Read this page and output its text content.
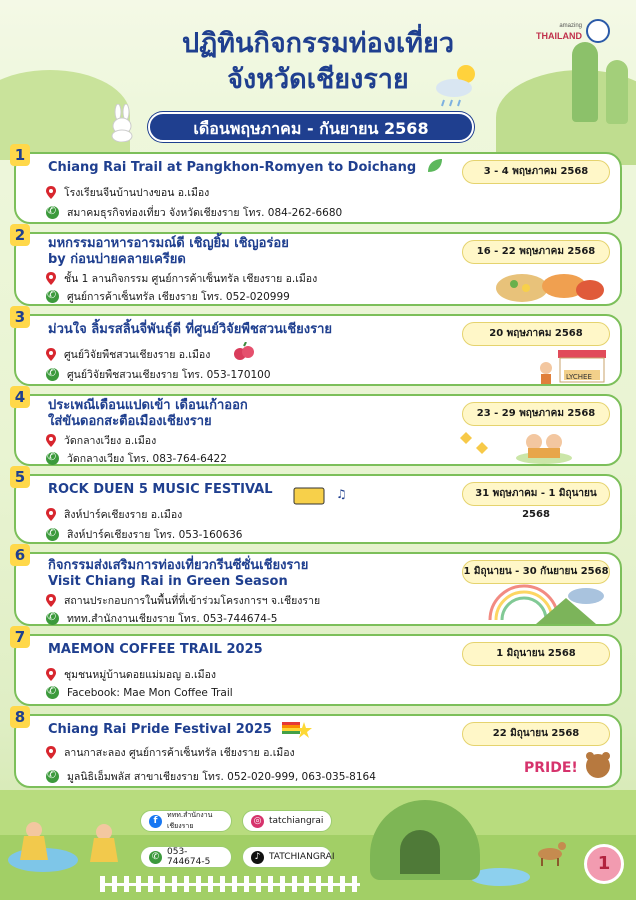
amazing
THAILAND
ปฏิทินกิจกรรมท่องเที่ยว
จังหวัดเชียงราย
เดือนพฤษภาคม - กันยายน 2568
1
Chiang Rai Trail at Pangkhon-Romyen to Doichang	3 - 4 พฤษภาคม 2568
โรงเรียนจีนบ้านปางขอน อ.เมือง
✆
สมาคมธุรกิจท่องเที่ยว จังหวัดเชียงราย โทร. 084-262-6680
2	มหกรรมอาหารอารมณ์ดี เชิญยิ้ม เชิญอร่อย
by ก่อนบ่ายคลายเครียด
16 - 22 พฤษภาคม 2568
ชั้น 1 ลานกิจกรรม ศูนย์การค้าเซ็นทรัล เชียงราย อ.เมือง
✆
ศูนย์การค้าเซ็นทรัล เชียงราย โทร. 052-020999
3
ม่วนใจ ลิ้มรสลิ้นจี่พันธุ์ดี ที่ศูนย์วิจัยพืชสวนเชียงราย	20 พฤษภาคม 2568
LYCHEE
ศูนย์วิจัยพืชสวนเชียงราย อ.เมือง
✆
ศูนย์วิจัยพืชสวนเชียงราย โทร. 053-170100
4	ประเพณีเดือนแปดเข้า เดือนเก้าออก
ใส่ขันดอกสะตือเมืองเชียงราย
23 - 29 พฤษภาคม 2568
วัดกลางเวียง อ.เมือง
✆
วัดกลางเวียง โทร. 083-764-6422
5
ROCK DUEN 5 MUSIC FESTIVAL	♫	31 พฤษภาคม - 1 มิถุนายน 2568
สิงห์ปาร์คเชียงราย อ.เมือง
✆
สิงห์ปาร์คเชียงราย โทร. 053-160636
6
กิจกรรมส่งเสริมการท่องเที่ยวกรีนซีซั่นเชียงราย
Visit Chiang Rai in Green Season
1 มิถุนายน - 30 กันยายน 2568
สถานประกอบการในพื้นที่ที่เข้าร่วมโครงการฯ จ.เชียงราย
✆
ททท.สำนักงานเชียงราย โทร. 053-744674-5
7
MAEMON COFFEE TRAIL 2025	1 มิถุนายน 2568
ชุมชนหมู่บ้านดอยแม่มอญ อ.เมือง
✆
Facebook: Mae Mon Coffee Trail
8
Chiang Rai Pride Festival 2025	22 มิถุนายน 2568
PRIDE!
ลานกาสะลอง ศูนย์การค้าเซ็นทรัล เชียงราย อ.เมือง
✆
มูลนิธิเอ็มพลัส สาขาเชียงราย โทร. 052-020-999, 063-035-8164
f
ททท.สำนักงานเชียงราย
◎ tatchiangrai
✆ 053-744674-5
♪ TATCHIANGRAI	1
